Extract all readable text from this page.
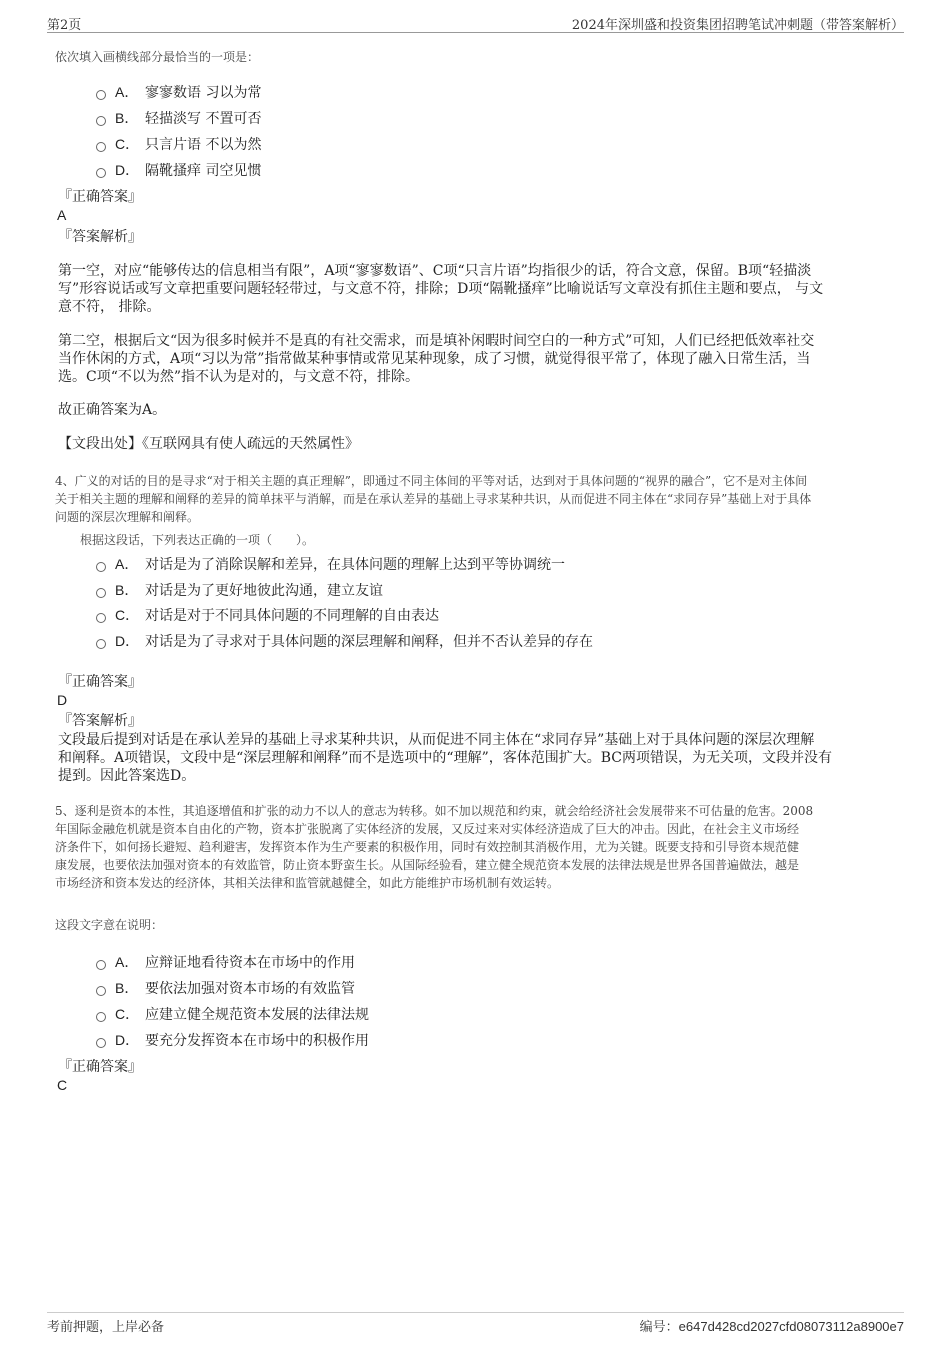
第2页	2024年深圳盛和投资集团招聘笔试冲刺题（带答案解析）
依次填入画横线部分最恰当的一项是：
A． 寥寥数语 习以为常
B． 轻描淡写 不置可否
C． 只言片语 不以为然
D． 隔靴搔痒 司空见惯
『正确答案』
A
『答案解析』
第一空，对应“能够传达的信息相当有限”，A项“寥寥数语”、C项“只言片语”均指很少的话，符合文意，保留。B项“轻描淡
写”形容说话或写文章把重要问题轻轻带过，与文意不符，排除；D项“隔靴搔痒”比喻说话写文章没有抓住主题和要点， 与文
意不符， 排除。
第二空，根据后文“因为很多时候并不是真的有社交需求，而是填补闲暇时间空白的一种方式”可知，人们已经把低效率社交
当作休闲的方式，A项“习以为常”指常做某种事情或常见某种现象，成了习惯，就觉得很平常了，体现了融入日常生活，当
选。C项“不以为然”指不认为是对的，与文意不符，排除。
故正确答案为A。
【文段出处】《互联网具有使人疏远的天然属性》
4、广义的对话的目的是寻求“对于相关主题的真正理解”，即通过不同主体间的平等对话，达到对于具体问题的“视界的融合”，它不是对主体间
关于相关主题的理解和阐释的差异的简单抹平与消解，而是在承认差异的基础上寻求某种共识，从而促进不同主体在“求同存异”基础上对于具体
问题的深层次理解和阐释。
根据这段话，下列表达正确的一项（　　）。
A． 对话是为了消除误解和差异，在具体问题的理解上达到平等协调统一
B． 对话是为了更好地彼此沟通，建立友谊
C． 对话是对于不同具体问题的不同理解的自由表达
D． 对话是为了寻求对于具体问题的深层理解和阐释，但并不否认差异的存在
『正确答案』
D
『答案解析』
文段最后提到对话是在承认差异的基础上寻求某种共识，从而促进不同主体在“求同存异”基础上对于具体问题的深层次理解
和阐释。A项错误，文段中是“深层理解和阐释”而不是选项中的“理解”，客体范围扩大。BC两项错误，为无关项，文段并没有
提到。因此答案选D。
5、逐利是资本的本性，其追逐增值和扩张的动力不以人的意志为转移。如不加以规范和约束，就会给经济社会发展带来不可估量的危害。2008
年国际金融危机就是资本自由化的产物，资本扩张脱离了实体经济的发展，又反过来对实体经济造成了巨大的冲击。因此，在社会主义市场经
济条件下，如何扬长避短、趋利避害，发挥资本作为生产要素的积极作用，同时有效控制其消极作用，尤为关键。既要支持和引导资本规范健
康发展，也要依法加强对资本的有效监管，防止资本野蛮生长。从国际经验看，建立健全规范资本发展的法律法规是世界各国普遍做法，越是
市场经济和资本发达的经济体，其相关法律和监管就越健全，如此方能维护市场机制有效运转。
这段文字意在说明：
A． 应辩证地看待资本在市场中的作用
B． 要依法加强对资本市场的有效监管
C． 应建立健全规范资本发展的法律法规
D． 要充分发挥资本在市场中的积极作用
『正确答案』
C
考前押题，上岸必备	编号：e647d428cd2027cfd08073112a8900e7
